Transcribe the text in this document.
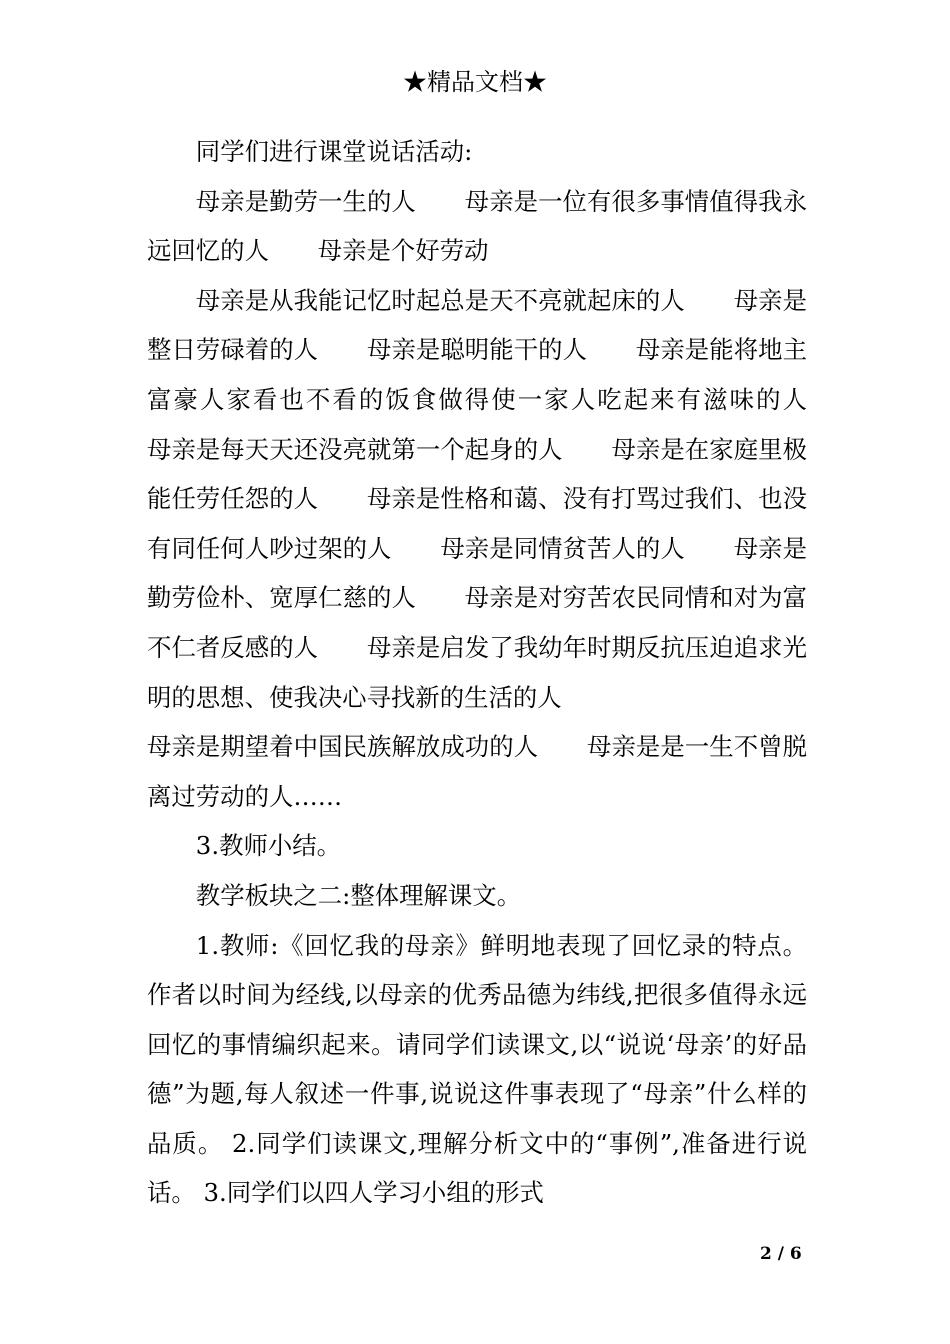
★精品文档★

同学们进行课堂说话活动:

母亲是勤劳一生的人　　母亲是一位有很多事情值得我永远回忆的人　　母亲是个好劳动

母亲是从我能记忆时起总是天不亮就起床的人　　母亲是整日劳碌着的人　　母亲是聪明能干的人　　母亲是能将地主富豪人家看也不看的饭食做得使一家人吃起来有滋味的人　　母亲是每天天还没亮就第一个起身的人　　母亲是在家庭里极能任劳任怨的人　　母亲是性格和蔼、没有打骂过我们、也没有同任何人吵过架的人　　母亲是同情贫苦人的人　　母亲是勤劳俭朴、宽厚仁慈的人　　母亲是对穷苦农民同情和对为富不仁者反感的人　　母亲是启发了我幼年时期反抗压迫追求光明的思想、使我决心寻找新的生活的人

母亲是期望着中国民族解放成功的人　　母亲是是一生不曾脱离过劳动的人……

3.教师小结。

教学板块之二:整体理解课文。

1.教师:《回忆我的母亲》鲜明地表现了回忆录的特点。作者以时间为经线,以母亲的优秀品德为纬线,把很多值得永远回忆的事情编织起来。请同学们读课文,以“说说‘母亲’的好品德”为题,每人叙述一件事,说说这件事表现了“母亲”什么样的品质。 2.同学们读课文,理解分析文中的“事例”,准备进行说话。 3.同学们以四人学习小组的形式

2 / 6
